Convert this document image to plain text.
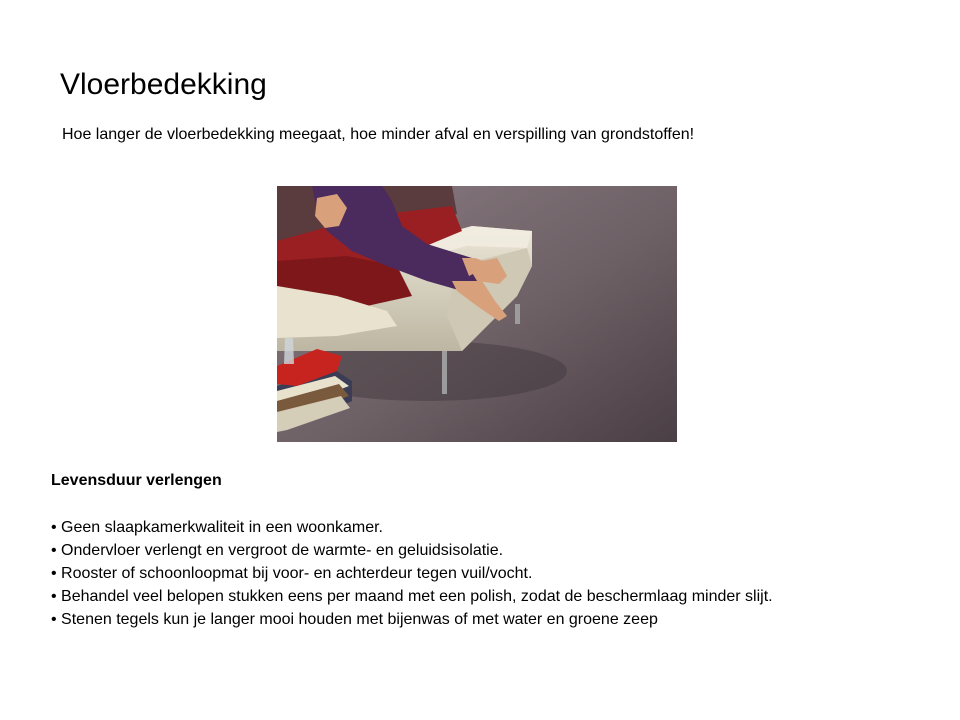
Vloerbedekking

Hoe langer de vloerbedekking meegaat, hoe minder afval en verspilling van grondstoffen!

Levensduur verlengen
• Geen slaapkamerkwaliteit in een woonkamer.
• Ondervloer verlengt en vergroot de warmte- en geluidsisolatie.
• Rooster of schoonloopmat bij voor- en achterdeur tegen vuil/vocht.
• Behandel veel belopen stukken eens per maand met een polish, zodat de beschermlaag minder slijt.
• Stenen tegels kun je langer mooi houden met bijenwas of met water en groene zeep
